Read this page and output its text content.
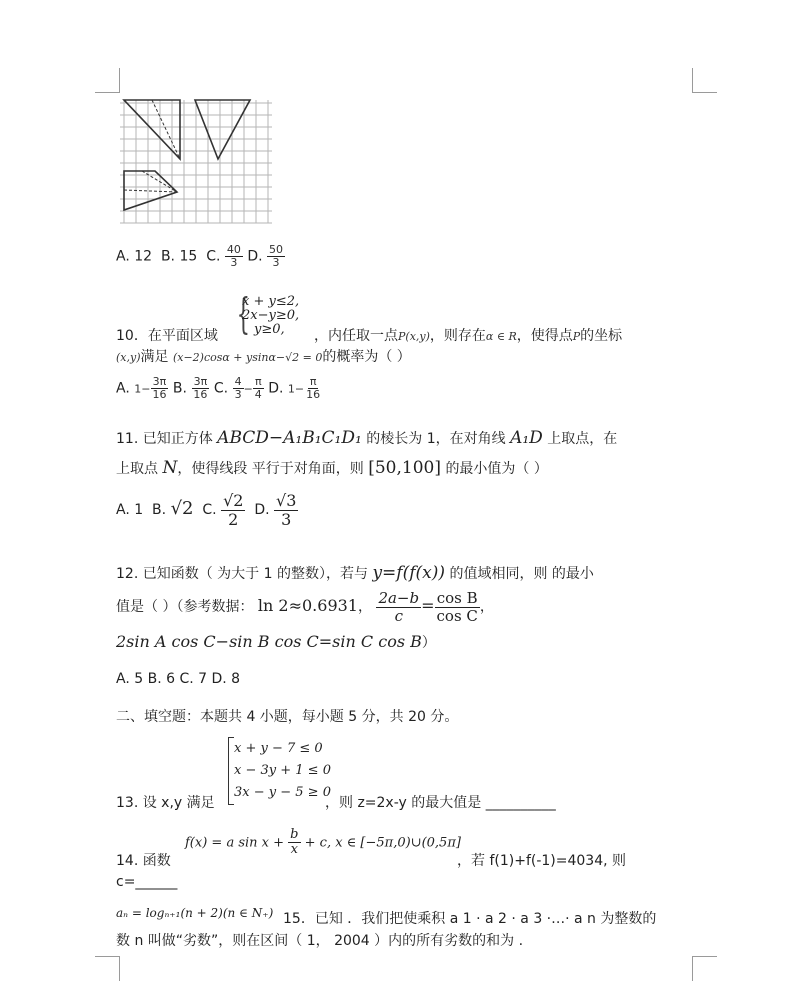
A. 12 B. 15 C. $\frac{40}{3} D$. $\frac{50}{3}$
{
x + y≤2,
2x−y≥0,
y≥0,
10．在平面区域	，内任取一点P(x,y)，则存在α ∈ R，使得点P的坐标
(x,y)满足 (x−2)cosα + ysinα−√2 = 0的概率为（ ）
A. $1- \frac{3\pi}{16} B$. $\frac{3\pi}{16} C$. $\frac{4}{3} - \frac{\pi}{4} D$. $1- \frac{\pi}{16}$
11. 已知正方体 ABCD−A₁B₁C₁D₁ 的棱长为 1，在对角线 A₁D 上取点，在
上取点 N，使得线段 平行于对角面，则 [50,100] 的最小值为（ ）
A. 1 B. √2 C. $\frac{√2}{2} D$. $\frac{√3}{3}$
12. 已知函数（ 为大于 1 的整数），若与 y=f(f(x)) 的值域相同，则 的最小
值是（ ）（参考数据： ln 2≈0.6931， $\frac{2a-b}{c} = \frac{\text{cos B}}{\text{cos C}}$ ，
2sin A cos C−sin B cos C=sin C cos B）
A. 5 B. 6 C. 7 D. 8
二、填空题：本题共 4 小题，每小题 5 分，共 20 分。
x + y − 7 ≤ 0
x − 3y + 1 ≤ 0
3x − y − 5 ≥ 0
13. 设 x,y 满足	，则 z=2x-y 的最大值是 __________
14. 函数
f(x) = a $\sin x + \frac{b}{x} + c$, x ∈ [−5π,0)∪(0,5π]
，若 f(1)+f(-1)=4034, 则
c=______
aₙ = logₙ₊₁(n + 2)(n ∈ N₊) 15．已知 ．我们把使乘积 a 1 · a 2 · a 3 ·…· a n 为整数的
数 n 叫做“劣数”，则在区间（ 1， 2004 ）内的所有劣数的和为 .
